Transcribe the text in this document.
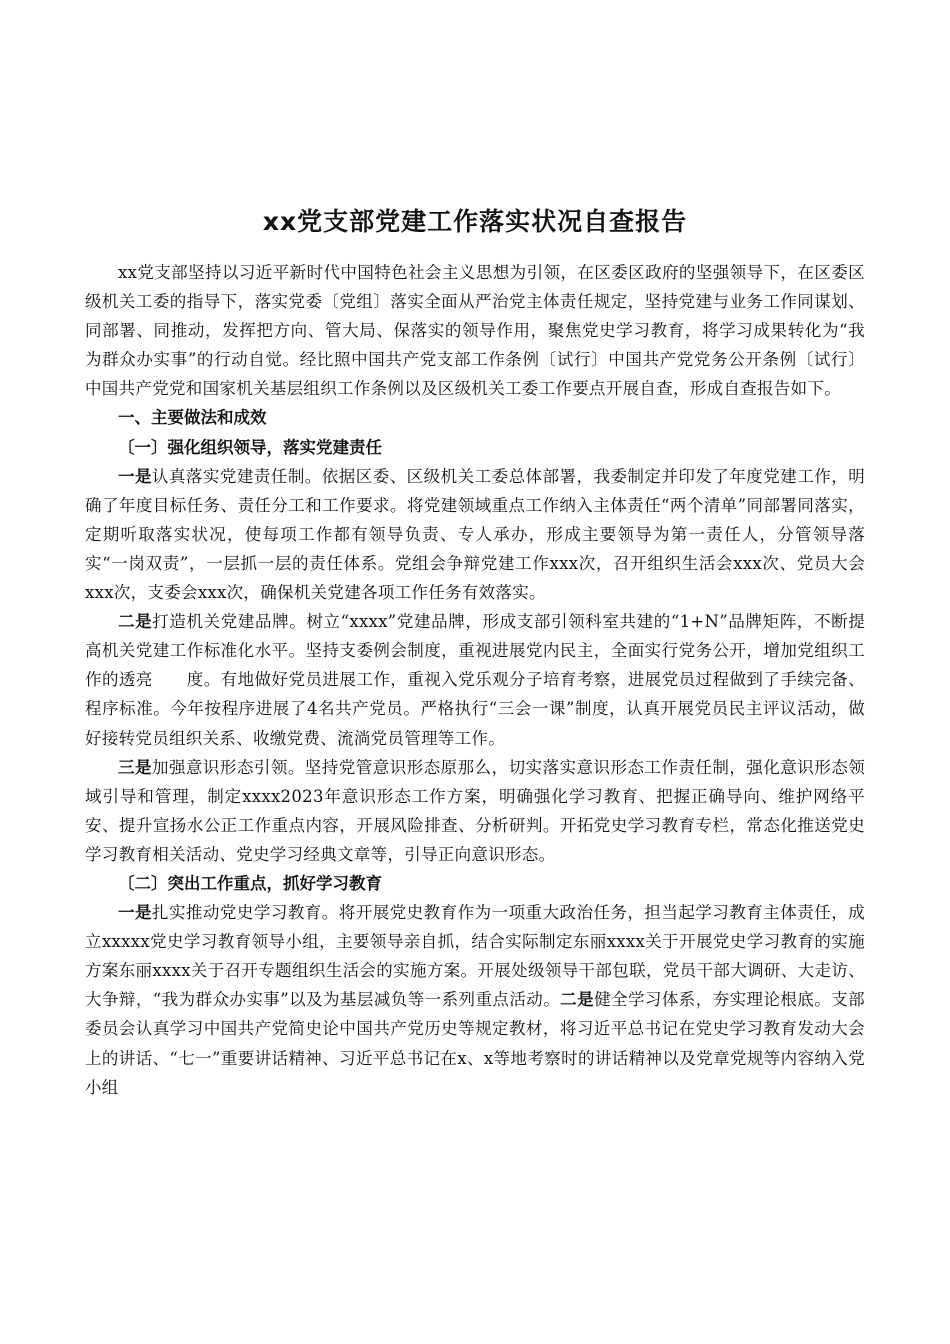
xx党支部党建工作落实状况自查报告

xx党支部坚持以习近平新时代中国特色社会主义思想为引领，在区委区政府的坚强领导下，在区委区级机关工委的指导下，落实党委〔党组〕落实全面从严治党主体责任规定，坚持党建与业务工作同谋划、同部署、同推动，发挥把方向、管大局、保落实的领导作用，聚焦党史学习教育，将学习成果转化为“我为群众办实事”的行动自觉。经比照中国共产党支部工作条例〔试行〕中国共产党党务公开条例〔试行〕中国共产党党和国家机关基层组织工作条例以及区级机关工委工作要点开展自查，形成自查报告如下。

一、主要做法和成效

〔一〕强化组织领导，落实党建责任

一是认真落实党建责任制。依据区委、区级机关工委总体部署，我委制定并印发了年度党建工作，明确了年度目标任务、责任分工和工作要求。将党建领域重点工作纳入主体责任“两个清单”同部署同落实，定期听取落实状况，使每项工作都有领导负责、专人承办，形成主要领导为第一责任人，分管领导落实“一岗双责”，一层抓一层的责任体系。党组会争辩党建工作xxx次，召开组织生活会xxx次、党员大会xxx次，支委会xxx次，确保机关党建各项工作任务有效落实。

二是打造机关党建品牌。树立“xxxx”党建品牌，形成支部引领科室共建的“1+N”品牌矩阵，不断提高机关党建工作标准化水平。坚持支委例会制度，重视进展党内民主，全面实行党务公开，增加党组织工作的透亮　　度。有地做好党员进展工作，重视入党乐观分子培育考察，进展党员过程做到了手续完备、程序标准。今年按程序进展了4名共产党员。严格执行“三会一课”制度，认真开展党员民主评议活动，做好接转党员组织关系、收缴党费、流淌党员管理等工作。

三是加强意识形态引领。坚持党管意识形态原那么，切实落实意识形态工作责任制，强化意识形态领域引导和管理，制定xxxx2023年意识形态工作方案，明确强化学习教育、把握正确导向、维护网络平安、提升宣扬水公正工作重点内容，开展风险排查、分析研判。开拓党史学习教育专栏，常态化推送党史学习教育相关活动、党史学习经典文章等，引导正向意识形态。

〔二〕突出工作重点，抓好学习教育

一是扎实推动党史学习教育。将开展党史教育作为一项重大政治任务，担当起学习教育主体责任，成立xxxxx党史学习教育领导小组，主要领导亲自抓，结合实际制定东丽xxxx关于开展党史学习教育的实施方案东丽xxxx关于召开专题组织生活会的实施方案。开展处级领导干部包联，党员干部大调研、大走访、大争辩，“我为群众办实事”以及为基层减负等一系列重点活动。二是健全学习体系，夯实理论根底。支部委员会认真学习中国共产党简史论中国共产党历史等规定教材，将习近平总书记在党史学习教育发动大会上的讲话、“七一”重要讲话精神、习近平总书记在x、x等地考察时的讲话精神以及党章党规等内容纳入党小组
